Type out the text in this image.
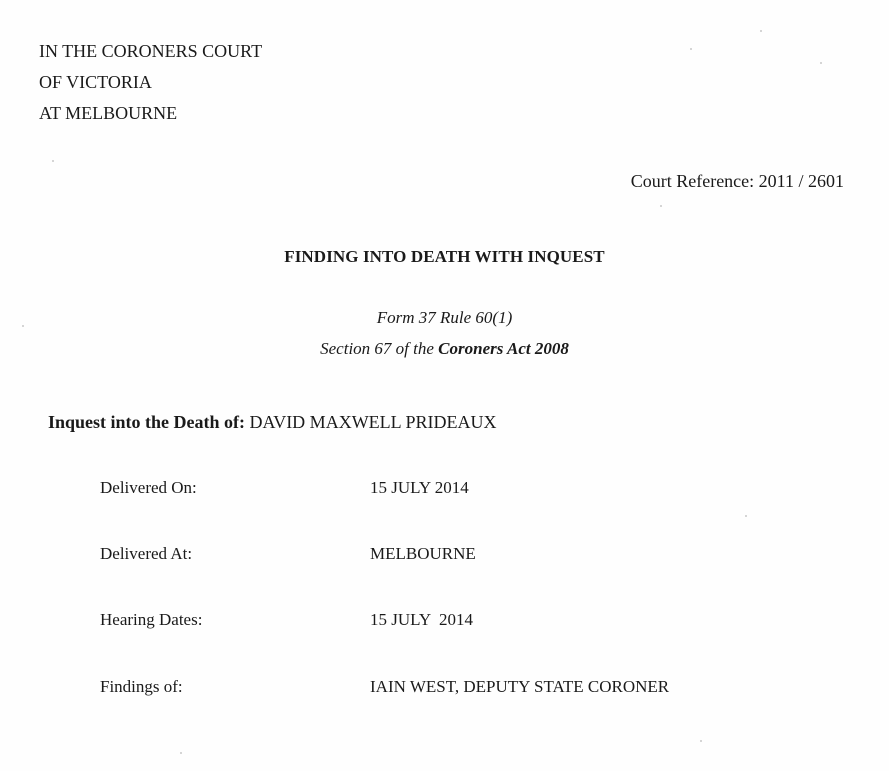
IN THE CORONERS COURT
OF VICTORIA
AT MELBOURNE
Court Reference: 2011 / 2601
FINDING INTO DEATH WITH INQUEST
Form 37 Rule 60(1)
Section 67 of the Coroners Act 2008
Inquest into the Death of: DAVID MAXWELL PRIDEAUX
Delivered On:	15 JULY 2014
Delivered At:	MELBOURNE
Hearing Dates:	15 JULY  2014
Findings of:	IAIN WEST, DEPUTY STATE CORONER
